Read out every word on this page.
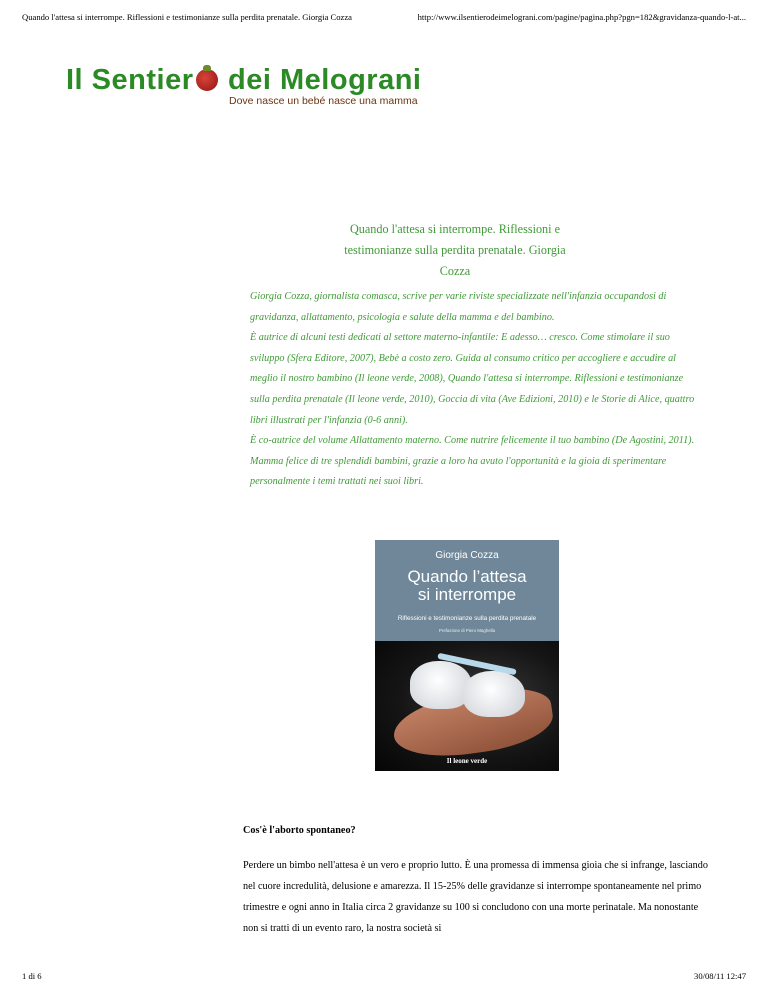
Quando l'attesa si interrompe. Riflessioni e testimonianze sulla perdita prenatale. Giorgia Cozza	http://www.ilsentierodeimelograni.com/pagine/pagina.php?pgn=182&gravidanza-quando-l-at...
Il Sentier dei Melograni
Dove nasce un bebé nasce una mamma
Quando l'attesa si interrompe. Riflessioni e
testimonianze sulla perdita prenatale. Giorgia
Cozza

Giorgia Cozza, giornalista comasca, scrive per varie riviste specializzate nell'infanzia occupandosi di gravidanza, allattamento, psicologia e salute della mamma e del bambino.

È autrice di alcuni testi dedicati al settore materno-infantile: E adesso… cresco. Come stimolare il suo sviluppo (Sfera Editore, 2007), Bebè a costo zero. Guida al consumo critico per accogliere e accudire al meglio il nostro bambino (Il leone verde, 2008), Quando l'attesa si interrompe. Riflessioni e testimonianze sulla perdita prenatale (Il leone verde, 2010), Goccia di vita (Ave Edizioni, 2010) e le Storie di Alice, quattro libri illustrati per l'infanzia (0-6 anni).

È co-autrice del volume Allattamento materno. Come nutrire felicemente il tuo bambino (De Agostini, 2011).

Mamma felice di tre splendidi bambini, grazie a loro ha avuto l'opportunità e la gioia di sperimentare personalmente i temi trattati nei suoi libri.

Giorgia Cozza
Quando l’attesa
si interrompe
Riflessioni e testimonianze sulla perdita prenatale
Prefazione di Piero Maghella
Il leone verde
Cos'è l'aborto spontaneo?

Perdere un bimbo nell'attesa è un vero e proprio lutto. È una promessa di immensa gioia che si infrange, lasciando nel cuore incredulità, delusione e amarezza. Il 15-25% delle gravidanze si interrompe spontaneamente nel primo trimestre e ogni anno in Italia circa 2 gravidanze su 100 si concludono con una morte perinatale. Ma nonostante non si tratti di un evento raro, la nostra società si

1 di 6	30/08/11 12:47
